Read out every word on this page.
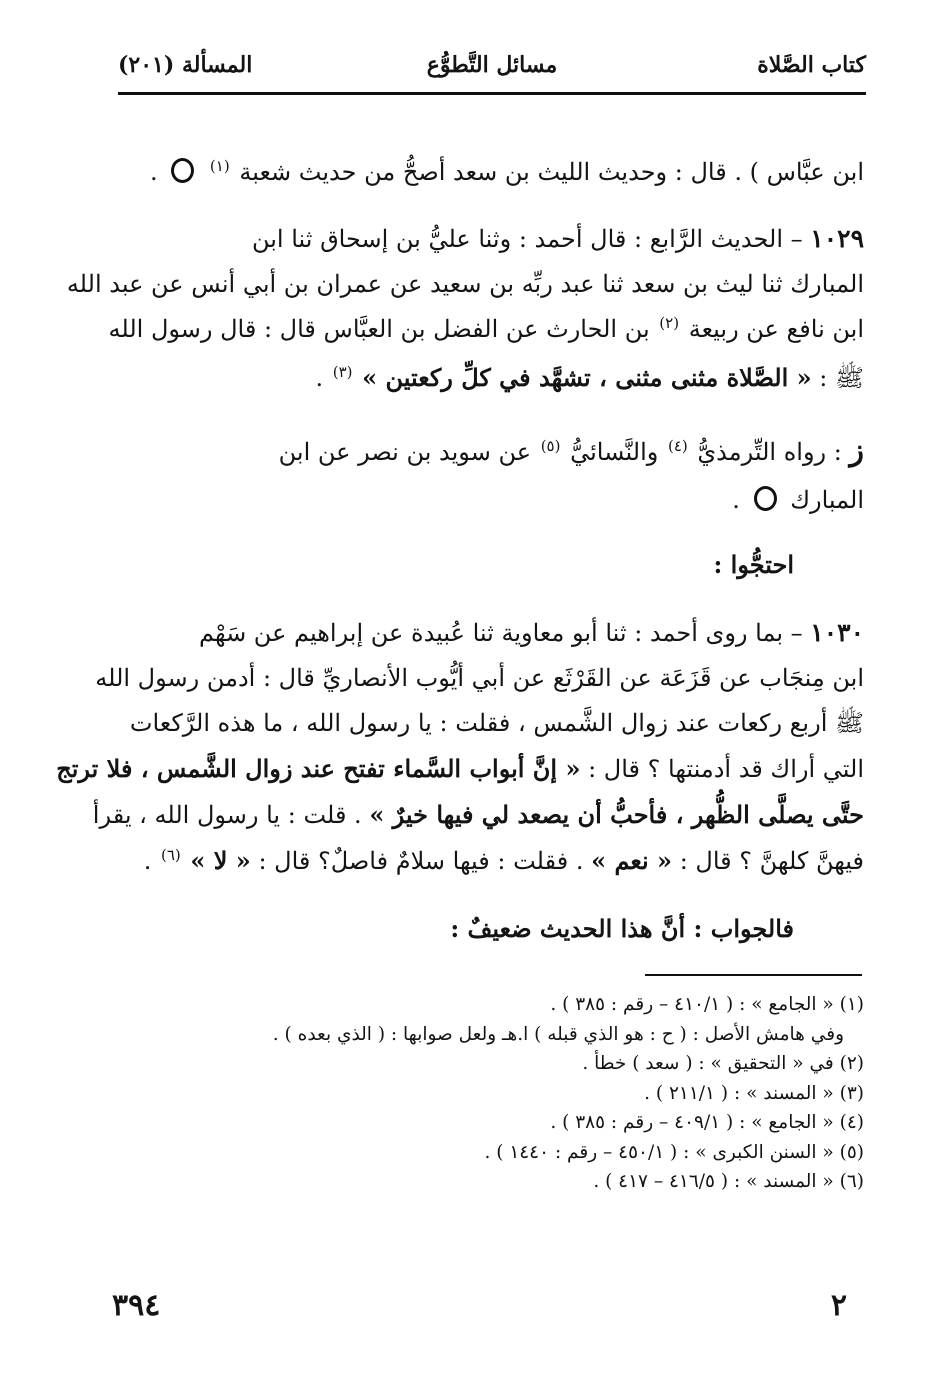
كتاب الصَّلاة
مسائل التَّطوُّع
المسألة (٢٠١)
ابن عبَّاس ) . قال : وحديث الليث بن سعد أصحُّ من حديث شعبة $^{(١)}$  .
١٠٢٩ – الحديث الرَّابع : قال أحمد : وثنا عليُّ بن إسحاق ثنا ابن
المبارك ثنا ليث بن سعد ثنا عبد ربِّه بن سعيد عن عمران بن أبي أنس عن عبد الله
ابن نافع عن ربيعة $^{(٢)}$ بن الحارث عن الفضل بن العبَّاس قال : قال رسول الله
ﷺ : « الصَّلاة مثنى مثنى ، تشهَّد في كلِّ ركعتين » $^{(٣)}$ .
ز : رواه التِّرمذيُّ $^{(٤)}$ والنَّسائيُّ $^{(٥)}$ عن سويد بن نصر عن ابن
المبارك  .
احتجُّوا :
١٠٣٠ – بما روى أحمد : ثنا أبو معاوية ثنا عُبيدة عن إبراهيم عن سَهْم
ابن مِنجَاب عن قَزَعَة عن القَرْثَع عن أبي أيُّوب الأنصاريِّ قال : أدمن رسول الله
ﷺ أربع ركعات عند زوال الشَّمس ، فقلت : يا رسول الله ، ما هذه الرَّكعات
التي أراك قد أدمنتها ؟ قال : « إنَّ أبواب السَّماء تفتح عند زوال الشَّمس ، فلا ترتج
حتَّى يصلَّى الظُّهر ، فأحبُّ أن يصعد لي فيها خيرٌ » . قلت : يا رسول الله ، يقرأ
فيهنَّ كلهنَّ ؟ قال : « نعم » . فقلت : فيها سلامٌ فاصلٌ؟ قال : « لا » $^{(٦)}$ .
فالجواب : أنَّ هذا الحديث ضعيفٌ :
(١) « الجامع » : ( ٤١٠/١ – رقم : ٣٨٥ ) .
وفي هامش الأصل : ( ح : هو الذي قبله ) ا.هـ ولعل صوابها : ( الذي بعده ) .
(٢) في « التحقيق » : ( سعد ) خطأ .
(٣) « المسند » : ( ٢١١/١ ) .
(٤) « الجامع » : ( ٤٠٩/١ – رقم : ٣٨٥ ) .
(٥) « السنن الكبرى » : ( ٤٥٠/١ – رقم : ١٤٤٠ ) .
(٦) « المسند » : ( ٤١٦/٥ – ٤١٧ ) .
٢
٣٩٤
